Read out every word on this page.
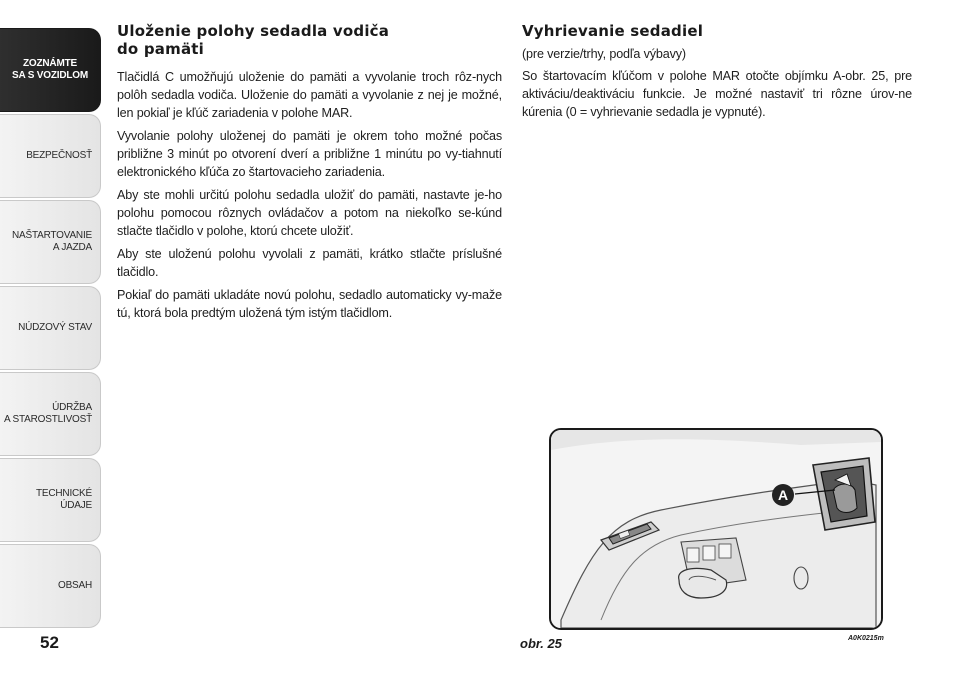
ZOZNÁMTE
SA S VOZIDLOM
BEZPEČNOSŤ
NAŠTARTOVANIE
A JAZDA
NÚDZOVÝ STAV
ÚDRŽBA
A STAROSTLIVOSŤ
TECHNICKÉ
ÚDAJE
OBSAH
52
Uloženie polohy sedadla vodiča
do pamäti

Tlačidlá C umožňujú uloženie do pamäti a vyvolanie troch rôz-nych polôh sedadla vodiča. Uloženie do pamäti a vyvolanie z nej je možné, len pokiaľ je kľúč zariadenia v polohe MAR.

Vyvolanie polohy uloženej do pamäti je okrem toho možné počas približne 3 minút po otvorení dverí a približne 1 minútu po vy-tiahnutí elektronického kľúča zo štartovacieho zariadenia.

Aby ste mohli určitú polohu sedadla uložiť do pamäti, nastavte je-ho polohu pomocou rôznych ovládačov a potom na niekoľko se-kúnd stlačte tlačidlo v polohe, ktorú chcete uložiť.

Aby ste uloženú polohu vyvolali z pamäti, krátko stlačte príslušné tlačidlo.

Pokiaľ do pamäti ukladáte novú polohu, sedadlo automaticky vy-maže tú, ktorá bola predtým uložená tým istým tlačidlom.

Vyhrievanie sedadiel

(pre verzie/trhy, podľa výbavy)

So štartovacím kľúčom v polohe MAR otočte objímku A-obr. 25, pre aktiváciu/deaktiváciu funkcie. Je možné nastaviť tri rôzne úrov-ne kúrenia (0 = vyhrievanie sedadla je vypnuté).

A
obr. 25	A0K0215m
